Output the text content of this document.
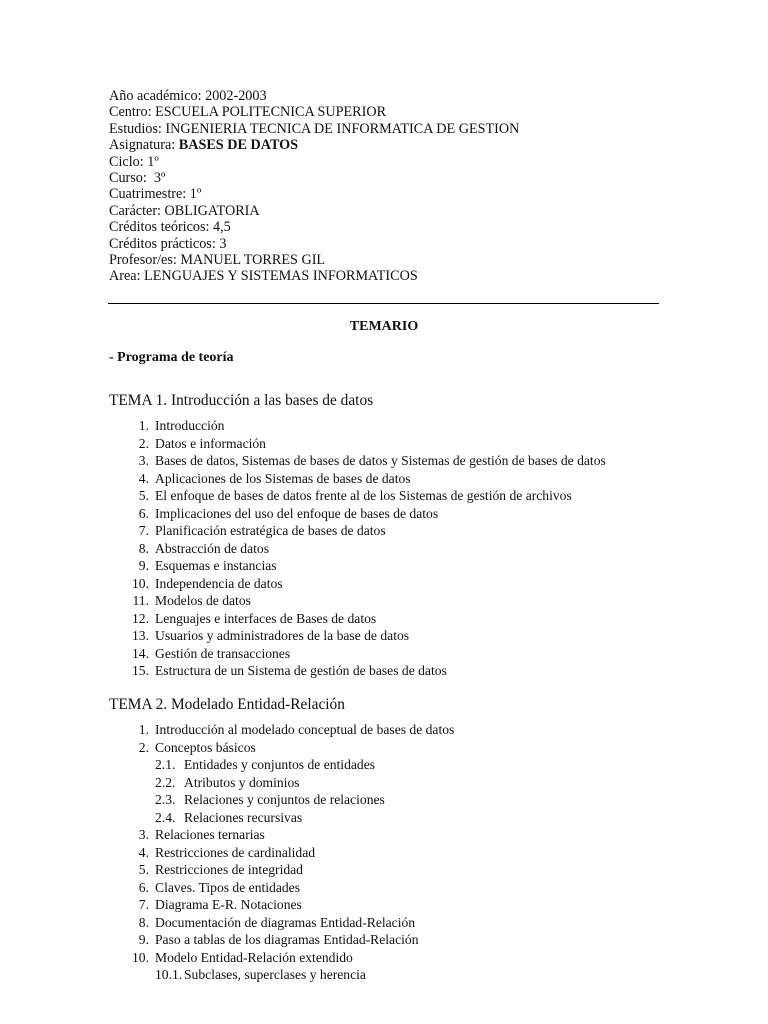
Año académico: 2002-2003
Centro: ESCUELA POLITECNICA SUPERIOR
Estudios: INGENIERIA TECNICA DE INFORMATICA DE GESTION
Asignatura: BASES DE DATOS
Ciclo: 1º
Curso:  3º
Cuatrimestre: 1º
Carácter: OBLIGATORIA
Créditos teóricos: 4,5
Créditos prácticos: 3
Profesor/es: MANUEL TORRES GIL
Area: LENGUAJES Y SISTEMAS INFORMATICOS
TEMARIO
- Programa de teoría
TEMA 1. Introducción a las bases de datos
1. Introducción
2. Datos e información
3. Bases de datos, Sistemas de bases de datos y Sistemas de gestión de bases de datos
4. Aplicaciones de los Sistemas de bases de datos
5. El enfoque de bases de datos frente al de los Sistemas de gestión de archivos
6. Implicaciones del uso del enfoque de bases de datos
7. Planificación estratégica de bases de datos
8. Abstracción de datos
9. Esquemas e instancias
10. Independencia de datos
11. Modelos de datos
12. Lenguajes e interfaces de Bases de datos
13. Usuarios y administradores de la base de datos
14. Gestión de transacciones
15. Estructura de un Sistema de gestión de bases de datos
TEMA 2. Modelado Entidad-Relación
1. Introducción al modelado conceptual de bases de datos
2. Conceptos básicos
2.1. Entidades y conjuntos de entidades
2.2. Atributos y dominios
2.3. Relaciones y conjuntos de relaciones
2.4. Relaciones recursivas
3. Relaciones ternarias
4. Restricciones de cardinalidad
5. Restricciones de integridad
6. Claves. Tipos de entidades
7. Diagrama E-R. Notaciones
8. Documentación de diagramas Entidad-Relación
9. Paso a tablas de los diagramas Entidad-Relación
10. Modelo Entidad-Relación extendido
10.1. Subclases, superclases y herencia
